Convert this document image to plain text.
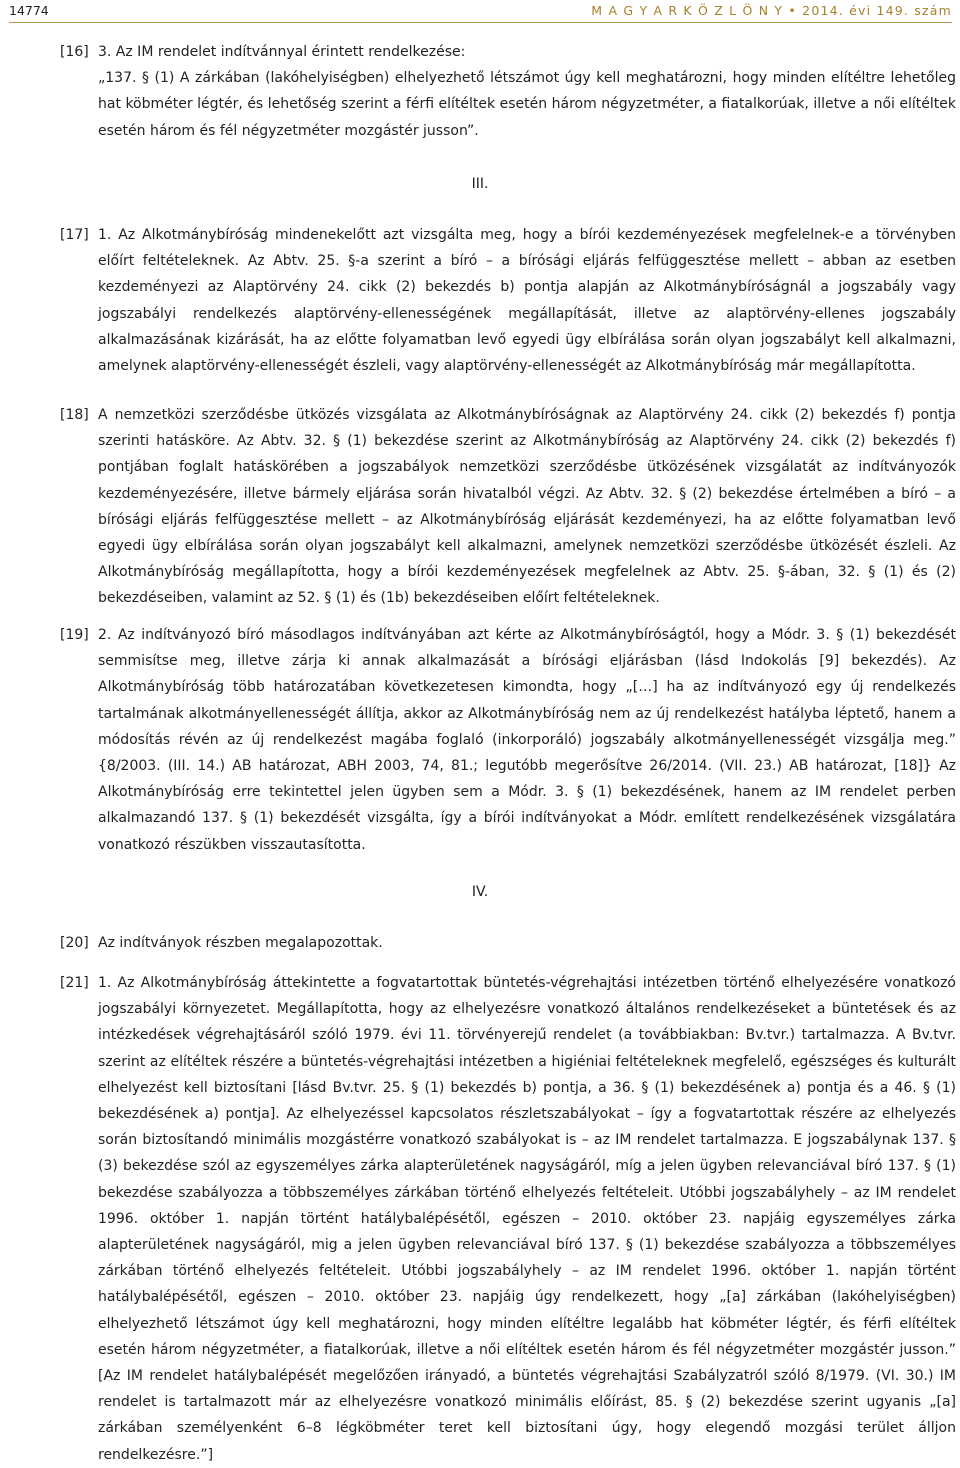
14774	M A G Y A R K Ö Z L Ö N Y • 2014. évi 149. szám
[16] 3. Az IM rendelet indítvánnyal érintett rendelkezése:
„137. § (1) A zárkában (lakóhelyiségben) elhelyezhető létszámot úgy kell meghatározni, hogy minden elítéltre lehetőleg hat köbméter légtér, és lehetőség szerint a férfi elítéltek esetén három négyzetméter, a fiatalkorúak, illetve a női elítéltek esetén három és fél négyzetméter mozgástér jusson”.
III.
[17] 1. Az Alkotmánybíróság mindenekelőtt azt vizsgálta meg, hogy a bírói kezdeményezések megfelelnek-e a törvényben előírt feltételeknek. Az Abtv. 25. §-a szerint a bíró – a bírósági eljárás felfüggesztése mellett – abban az esetben kezdeményezi az Alaptörvény 24. cikk (2) bekezdés b) pontja alapján az Alkotmánybíróságnál a jogszabály vagy jogszabályi rendelkezés alaptörvény-ellenességének megállapítását, illetve az alaptörvény-ellenes jogszabály alkalmazásának kizárását, ha az előtte folyamatban levő egyedi ügy elbírálása során olyan jogszabályt kell alkalmazni, amelynek alaptörvény-ellenességét észleli, vagy alaptörvény-ellenességét az Alkotmánybíróság már megállapította.
[18] A nemzetközi szerződésbe ütközés vizsgálata az Alkotmánybíróságnak az Alaptörvény 24. cikk (2) bekezdés f) pontja szerinti hatásköre. Az Abtv. 32. § (1) bekezdése szerint az Alkotmánybíróság az Alaptörvény 24. cikk (2) bekezdés f) pontjában foglalt hatáskörében a jogszabályok nemzetközi szerződésbe ütközésének vizsgálatát az indítványozók kezdeményezésére, illetve bármely eljárása során hivatalból végzi. Az Abtv. 32. § (2) bekezdése értelmében a bíró – a bírósági eljárás felfüggesztése mellett – az Alkotmánybíróság eljárását kezdeményezi, ha az előtte folyamatban levő egyedi ügy elbírálása során olyan jogszabályt kell alkalmazni, amelynek nemzetközi szerződésbe ütközését észleli. Az Alkotmánybíróság megállapította, hogy a bírói kezdeményezések megfelelnek az Abtv. 25. §-ában, 32. § (1) és (2) bekezdéseiben, valamint az 52. § (1) és (1b) bekezdéseiben előírt feltételeknek.
[19] 2. Az indítványozó bíró másodlagos indítványában azt kérte az Alkotmánybíróságtól, hogy a Módr. 3. § (1) bekezdését semmisítse meg, illetve zárja ki annak alkalmazását a bírósági eljárásban (lásd Indokolás [9] bekezdés). Az Alkotmánybíróság több határozatában következetesen kimondta, hogy „[…] ha az indítványozó egy új rendelkezés tartalmának alkotmányellenességét állítja, akkor az Alkotmánybíróság nem az új rendelkezést hatályba léptető, hanem a módosítás révén az új rendelkezést magába foglaló (inkorporáló) jogszabály alkotmányellenességét vizsgálja meg.” {8/2003. (III. 14.) AB határozat, ABH 2003, 74, 81.; legutóbb megerősítve 26/2014. (VII. 23.) AB határozat, [18]} Az Alkotmánybíróság erre tekintettel jelen ügyben sem a Módr. 3. § (1) bekezdésének, hanem az IM rendelet perben alkalmazandó 137. § (1) bekezdését vizsgálta, így a bírói indítványokat a Módr. említett rendelkezésének vizsgálatára vonatkozó részükben visszautasította.
IV.
[20] Az indítványok részben megalapozottak.
[21] 1. Az Alkotmánybíróság áttekintette a fogvatartottak büntetés-végrehajtási intézetben történő elhelyezésére vonatkozó jogszabályi környezetet. Megállapította, hogy az elhelyezésre vonatkozó általános rendelkezéseket a büntetések és az intézkedések végrehajtásáról szóló 1979. évi 11. törvényerejű rendelet (a továbbiakban: Bv.tvr.) tartalmazza. A Bv.tvr. szerint az elítéltek részére a büntetés-végrehajtási intézetben a higiéniai feltételeknek megfelelő, egészséges és kulturált elhelyezést kell biztosítani [lásd Bv.tvr. 25. § (1) bekezdés b) pontja, a 36. § (1) bekezdésének a) pontja és a 46. § (1) bekezdésének a) pontja]. Az elhelyezéssel kapcsolatos részletszabályokat – így a fogvatartottak részére az elhelyezés során biztosítandó minimális mozgástérre vonatkozó szabályokat is – az IM rendelet tartalmazza. E jogszabálynak 137. § (3) bekezdése szól az egyszemélyes zárka alapterületének nagyságáról, míg a jelen ügyben relevanciával bíró 137. § (1) bekezdése szabályozza a többszemélyes zárkában történő elhelyezés feltételeit. Utóbbi jogszabályhely – az IM rendelet 1996. október 1. napján történt hatálybalépésétől, egészen – 2010. október 23. napjáig egyszemélyes zárka alapterületének nagyságáról, mig a jelen ügyben relevanciával bíró 137. § (1) bekezdése szabályozza a többszemélyes zárkában történő elhelyezés feltételeit. Utóbbi jogszabályhely – az IM rendelet 1996. október 1. napján történt hatálybalépésétől, egészen – 2010. október 23. napjáig úgy rendelkezett, hogy „[a] zárkában (lakóhelyiségben) elhelyezhető létszámot úgy kell meghatározni, hogy minden elítéltre legalább hat köbméter légtér, és férfi elítéltek esetén három négyzetméter, a fiatalkorúak, illetve a női elítéltek esetén három és fél négyzetméter mozgástér jusson.” [Az IM rendelet hatálybalépését megelőzően irányadó, a büntetés végrehajtási Szabályzatról szóló 8/1979. (VI. 30.) IM rendelet is tartalmazott már az elhelyezésre vonatkozó minimális előírást, 85. § (2) bekezdése szerint ugyanis „[a] zárkában személyenként 6–8 légköbméter teret kell biztosítani úgy, hogy elegendő mozgási terület álljon rendelkezésre.”]
